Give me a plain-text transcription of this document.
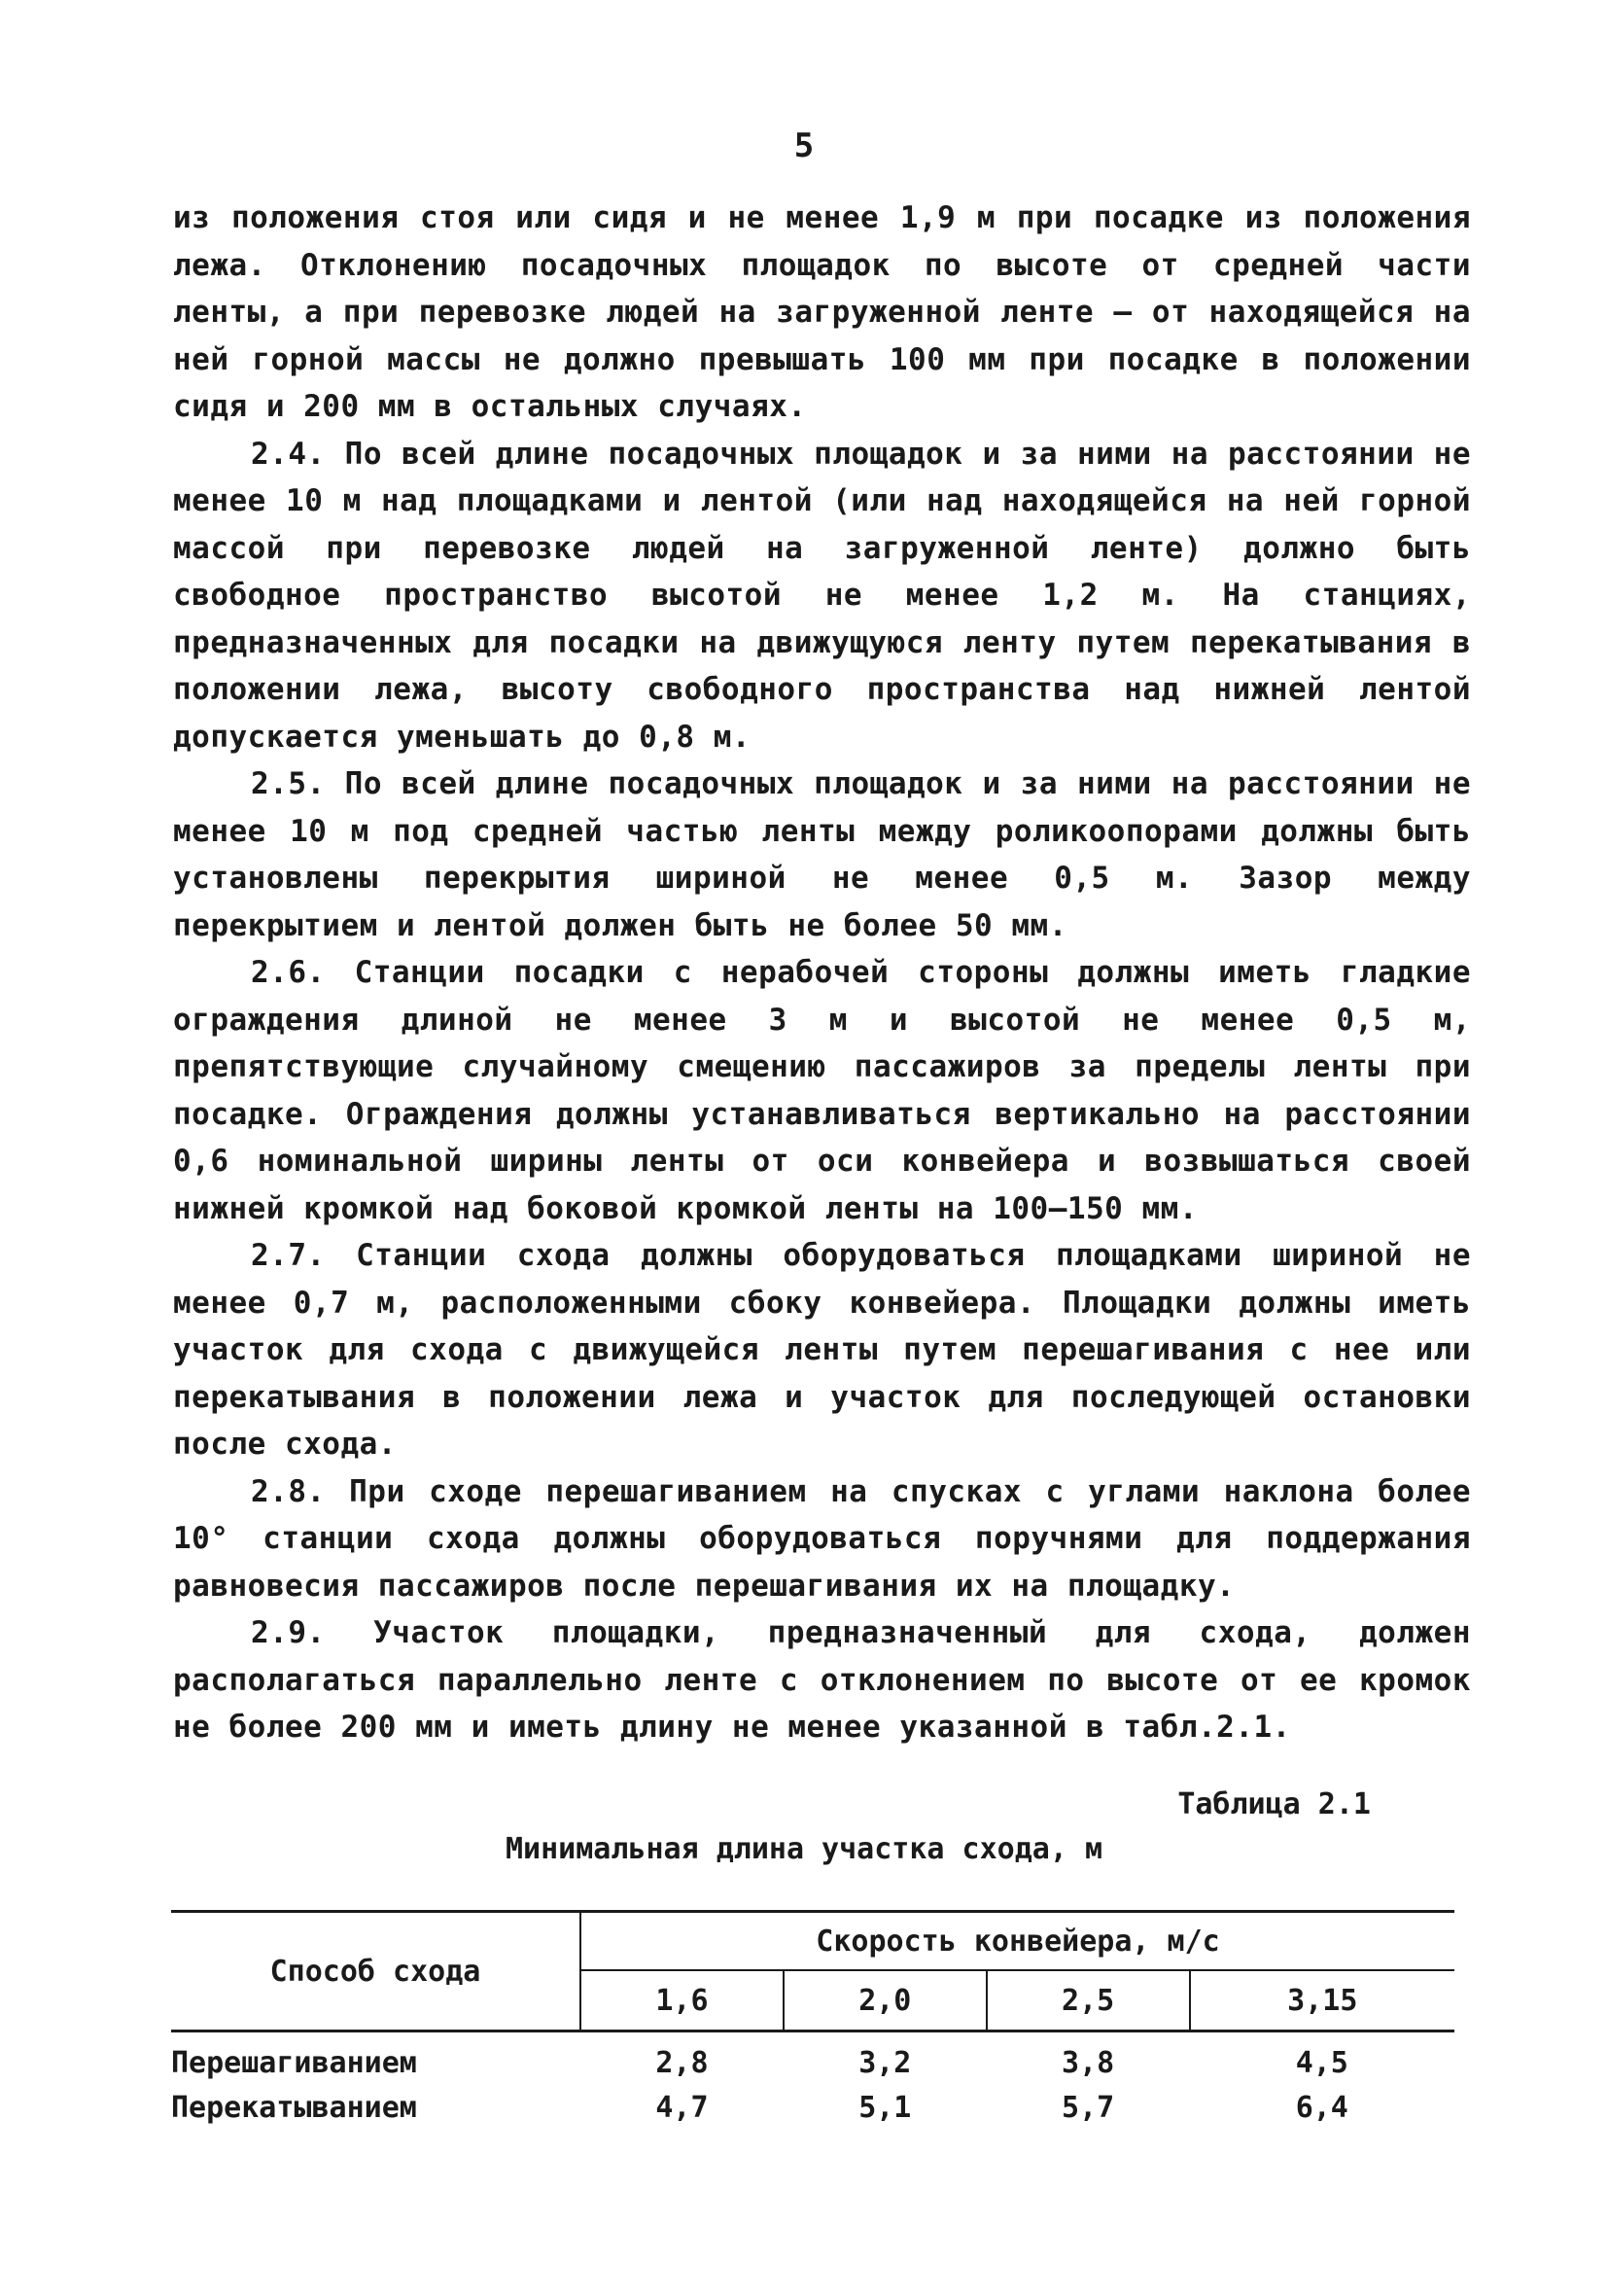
5

из положения стоя или сидя и не менее 1,9 м при посадке из положения лежа. Отклонению посадочных площадок по высоте от средней части ленты, а при перевозке людей на загруженной ленте – от находящейся на ней горной массы не должно превышать 100 мм при посадке в положении сидя и 200 мм в остальных случаях.

2.4. По всей длине посадочных площадок и за ними на расстоянии не менее 10 м над площадками и лентой (или над находящейся на ней горной массой при перевозке людей на загруженной ленте) должно быть свободное пространство высотой не менее 1,2 м. На станциях, предназначенных для посадки на движущуюся ленту путем перекатывания в положении лежа, высоту свободного пространства над нижней лентой допускается уменьшать до 0,8 м.

2.5. По всей длине посадочных площадок и за ними на расстоянии не менее 10 м под средней частью ленты между роликоопорами должны быть установлены перекрытия шириной не менее 0,5 м. Зазор между перекрытием и лентой должен быть не более 50 мм.

2.6. Станции посадки с нерабочей стороны должны иметь гладкие ограждения длиной не менее 3 м и высотой не менее 0,5 м, препятствующие случайному смещению пассажиров за пределы ленты при посадке. Ограждения должны устанавливаться вертикально на расстоянии 0,6 номинальной ширины ленты от оси конвейера и возвышаться своей нижней кромкой над боковой кромкой ленты на 100–150 мм.

2.7. Станции схода должны оборудоваться площадками шириной не менее 0,7 м, расположенными сбоку конвейера. Площадки должны иметь участок для схода с движущейся ленты путем перешагивания с нее или перекатывания в положении лежа и участок для последующей остановки после схода.

2.8. При сходе перешагиванием на спусках с углами наклона более 10° станции схода должны оборудоваться поручнями для поддержания равновесия пассажиров после перешагивания их на площадку.

2.9. Участок площадки, предназначенный для схода, должен располагаться параллельно ленте с отклонением по высоте от ее кромок не более 200 мм и иметь длину не менее указанной в табл.2.1.

Таблица 2.1
Минимальная длина участка схода, м
Способ схода	Скорость конвейера, м/с			
	1,6	2,0	2,5	3,15
Перешагиванием	2,8	3,2	3,8	4,5
Перекатыванием	4,7	5,1	5,7	6,4
